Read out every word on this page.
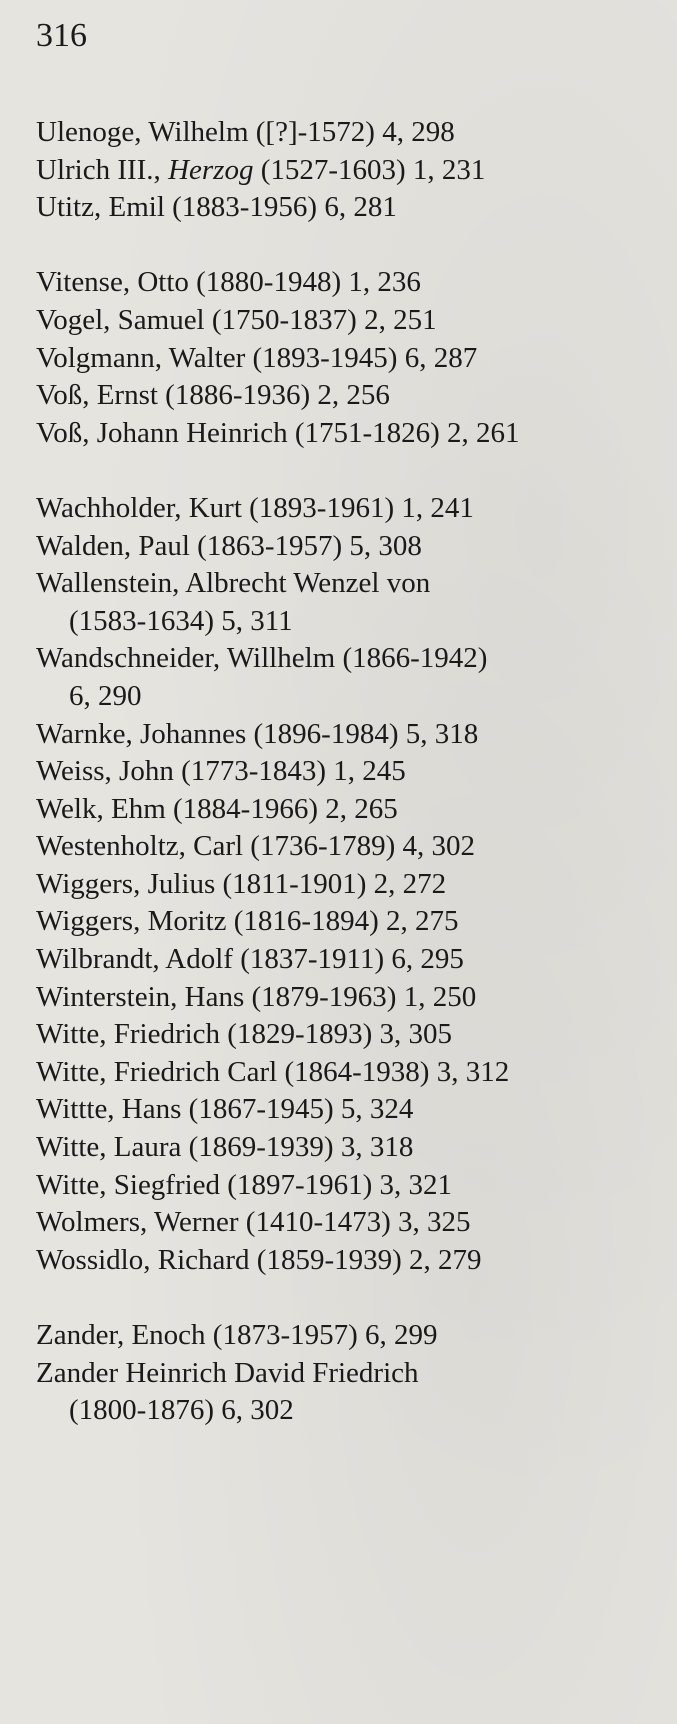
316
Ulenoge, Wilhelm ([?]-1572) 4, 298
Ulrich III., Herzog (1527-1603) 1, 231
Utitz, Emil (1883-1956) 6, 281
Vitense, Otto (1880-1948) 1, 236
Vogel, Samuel (1750-1837) 2, 251
Volgmann, Walter (1893-1945) 6, 287
Voß, Ernst (1886-1936) 2, 256
Voß, Johann Heinrich (1751-1826) 2, 261
Wachholder, Kurt (1893-1961) 1, 241
Walden, Paul (1863-1957) 5, 308
Wallenstein, Albrecht Wenzel von
(1583-1634) 5, 311
Wandschneider, Willhelm (1866-1942)
6, 290
Warnke, Johannes (1896-1984) 5, 318
Weiss, John (1773-1843) 1, 245
Welk, Ehm (1884-1966) 2, 265
Westenholtz, Carl (1736-1789) 4, 302
Wiggers, Julius (1811-1901) 2, 272
Wiggers, Moritz (1816-1894) 2, 275
Wilbrandt, Adolf (1837-1911) 6, 295
Winterstein, Hans (1879-1963) 1, 250
Witte, Friedrich (1829-1893) 3, 305
Witte, Friedrich Carl (1864-1938) 3, 312
Wittte, Hans (1867-1945) 5, 324
Witte, Laura (1869-1939) 3, 318
Witte, Siegfried (1897-1961) 3, 321
Wolmers, Werner (1410-1473) 3, 325
Wossidlo, Richard (1859-1939) 2, 279
Zander, Enoch (1873-1957) 6, 299
Zander Heinrich David Friedrich
(1800-1876) 6, 302
